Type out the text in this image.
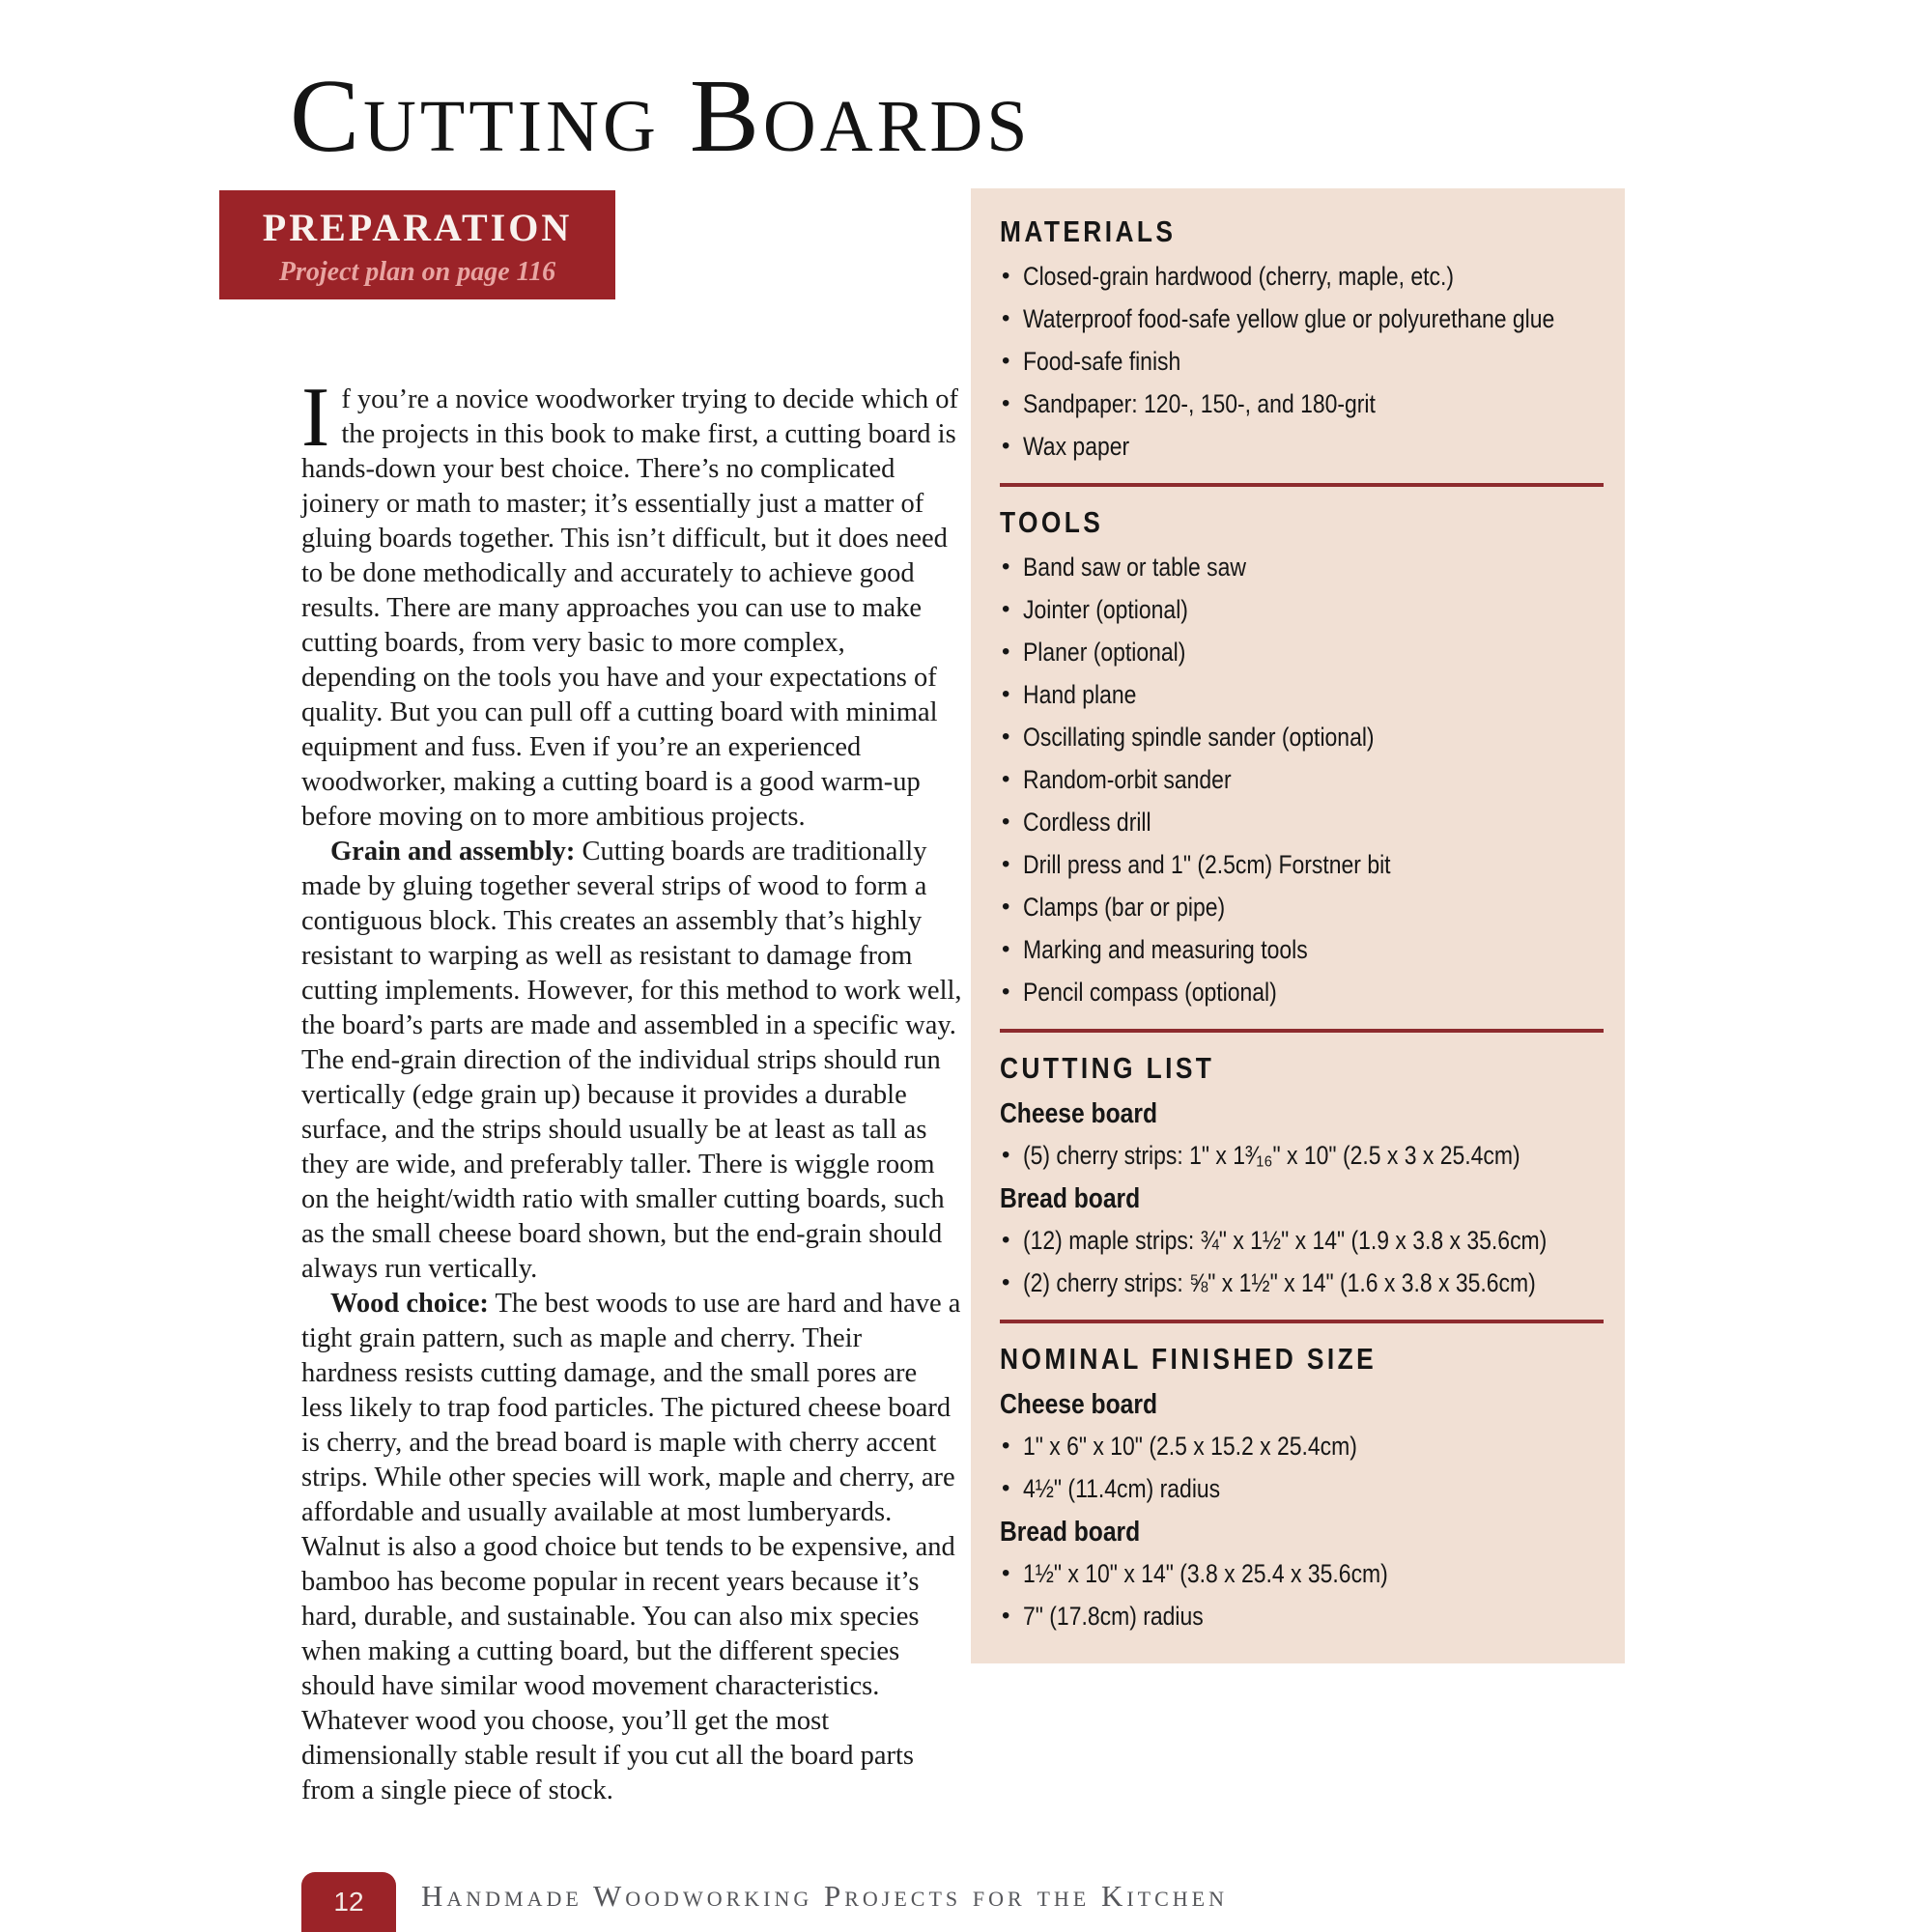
Cutting Boards
PREPARATION
Project plan on page 116

If you’re a novice woodworker trying to decide which of the projects in this book to make first, a cutting board is hands-down your best choice. There’s no complicated joinery or math to master; it’s essentially just a matter of gluing boards together. This isn’t difficult, but it does need to be done methodically and accurately to achieve good results. There are many approaches you can use to make cutting boards, from very basic to more complex, depending on the tools you have and your expectations of quality. But you can pull off a cutting board with minimal equipment and fuss. Even if you’re an experienced woodworker, making a cutting board is a good warm-up before moving on to more ambitious projects.

Grain and assembly: Cutting boards are traditionally made by gluing together several strips of wood to form a contiguous block. This creates an assembly that’s highly resistant to warping as well as resistant to damage from cutting implements. However, for this method to work well, the board’s parts are made and assembled in a specific way. The end-grain direction of the individual strips should run vertically (edge grain up) because it provides a durable surface, and the strips should usually be at least as tall as they are wide, and preferably taller. There is wiggle room on the height/width ratio with smaller cutting boards, such as the small cheese board shown, but the end-grain should always run vertically.

Wood choice: The best woods to use are hard and have a tight grain pattern, such as maple and cherry. Their hardness resists cutting damage, and the small pores are less likely to trap food particles. The pictured cheese board is cherry, and the bread board is maple with cherry accent strips. While other species will work, maple and cherry, are affordable and usually available at most lumberyards. Walnut is also a good choice but tends to be expensive, and bamboo has become popular in recent years because it’s hard, durable, and sustainable. You can also mix species when making a cutting board, but the different species should have similar wood movement characteristics. Whatever wood you choose, you’ll get the most dimensionally stable result if you cut all the board parts from a single piece of stock.

MATERIALS
• Closed-grain hardwood (cherry, maple, etc.)
• Waterproof food-safe yellow glue or polyurethane glue
• Food-safe finish
• Sandpaper: 120-, 150-, and 180-grit
• Wax paper
TOOLS
• Band saw or table saw
• Jointer (optional)
• Planer (optional)
• Hand plane
• Oscillating spindle sander (optional)
• Random-orbit sander
• Cordless drill
• Drill press and 1" (2.5cm) Forstner bit
• Clamps (bar or pipe)
• Marking and measuring tools
• Pencil compass (optional)
CUTTING LIST
Cheese board
• (5) cherry strips: 1" x 1³⁄₁₆" x 10" (2.5 x 3 x 25.4cm)
Bread board
• (12) maple strips: ¾" x 1½" x 14" (1.9 x 3.8 x 35.6cm)
• (2) cherry strips: ⅝" x 1½" x 14" (1.6 x 3.8 x 35.6cm)
NOMINAL FINISHED SIZE
Cheese board
• 1" x 6" x 10" (2.5 x 15.2 x 25.4cm)
• 4½" (11.4cm) radius
Bread board
• 1½" x 10" x 14" (3.8 x 25.4 x 35.6cm)
• 7" (17.8cm) radius
12	Handmade Woodworking Projects for the Kitchen
